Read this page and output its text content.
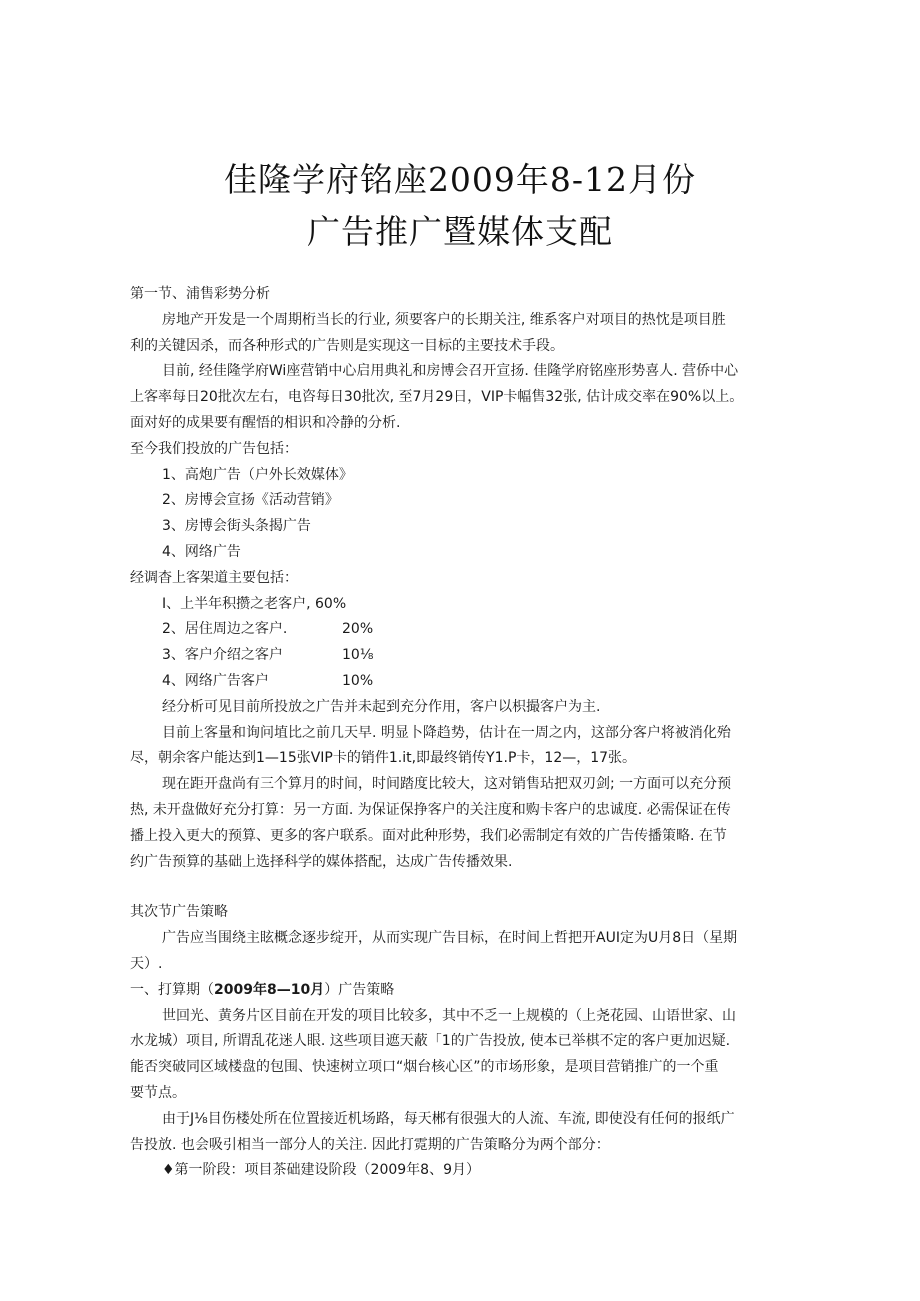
佳隆学府铭座2009年8-12月份
广告推广暨媒体支配

第一节、浦售彩势分析

房地产开发是一个周期桁当长的行业, 须要客户的长期关注, 维系客户对项目的热忱是项目胜

利的关键因杀，而各种形式的广告则是实现这一目标的主要技术手段。

目前, 经佳隆学府Wi座营销中心启用典礼和房博会召开宣扬. 佳隆学府铭座形势喜人. 营侨中心

上客率每日20批次左右，电咨每日30批次, 至7月29日，VIP卡幅售32张, 估计成交率在90%以上。

面对好的成果要有醒悟的相识和冷静的分析.

至今我们投放的广告包括：

1、高炮广告（户外长效媒体》

2、房博会宣扬《活动营销》

3、房博会街头条揭广告

4、网络广告

经调杳上客架道主要包括：

I、上半年积攒之老客户, 60%
2、居住周边之客户.	20%
3、客户介绍之客户	10⅛
4、网络广告客户	10%

经分析可见目前所投放之广告并未起到充分作用，客户以枳撮客户为主.

目前上客量和询问埴比之前几天早. 明显卜降趋势，估计在一周之内，这部分客户将被消化殆

尽，朝余客户能达到1—15张VIP卡的销件1.it,即最终销传Y1.P卡，12—，17张。

现在距开盘尚有三个算月的时间，时间踏度比较大，这对销售玷把双刃剑; 一方面可以充分预

热, 未开盘做好充分打算：另一方面. 为保证保挣客户的关注度和购卡客户的忠诚度. 必需保证在传

播上投入更大的预算、更多的客户联系。面对此种形势，我们必需制定有效的广告传播策略. 在节

约广告预算的基础上选择科学的媒体搭配，达成广告传播效果.

其次节广告策略

广告应当围绕主眩概念逐步绽开，从而实现广告目标，在时间上哲把开AUI定为U月8日（星期

天）.

一、打算期（2009年8—10月）广告策略

世回光、黄务片区目前在开发的项目比较多，其中不乏一上规模的（上尧花园、山语世家、山

水龙城）项目, 所谓乱花迷人眼. 这些项目遮天蔽「1的广告投放, 使本已举棋不定的客户更加迟疑.

能否突破同区域楼盘的包围、快速树立项口“烟台核心区”的市场形象，是项目营销推广的一个重

要节点。

由于J⅛目伤楼处所在位置接近机场路，每天郴有很强大的人流、车流, 即使没有任何的报纸广

告投放. 也会吸引相当一部分人的关注. 因此打霓期的广告策略分为两个部分：

♦第一阶段：项目茶础建设阶段（2009年8、9月）
